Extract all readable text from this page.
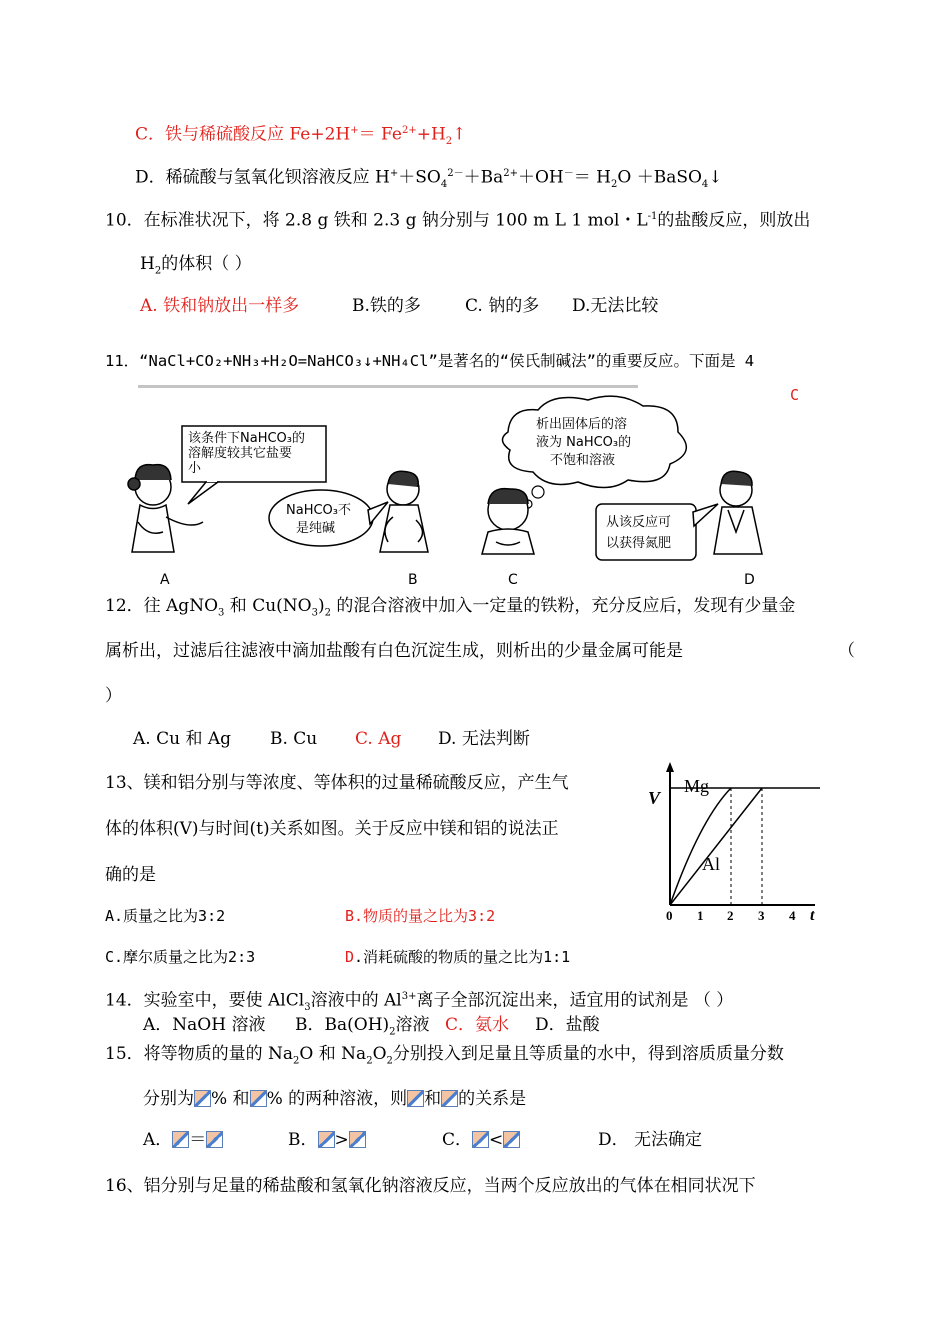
C．铁与稀硫酸反应 $Fe+2H^+= Fe^{2+}+H_2↑$
D．稀硫酸与氢氧化钡溶液反应 $H^++SO_4^{2-}+Ba^{2+}+OH^-= H_2O$ ＋BaSO$_4$↓
10．在标准状况下，将 2.8 g 铁和 2.3 g 钠分别与 100 m L 1 mol・$L^{-1}$的盐酸反应，则放出
$H_2$的体积（ ）
A. 铁和钠放出一样多	B.铁的多	C. 钠的多 D.无法比较
11．“NaCl+CO₂+NH₃+H₂O=NaHCO₃↓+NH₄Cl”是著名的“侯氏制碱法”的重要反应。下面是 4
C
该条件下NaHCO₃的
溶解度较其它盐要
小
NaHCO₃不
是纯碱
析出固体后的溶
液为 NaHCO₃的
不饱和溶液
从该反应可
以获得氮肥
A	B	C	D
12．往 AgNO$_3$ 和 $Cu(NO_3)_2$ 的混合溶液中加入一定量的铁粉，充分反应后，发现有少量金
属析出，过滤后往滤液中滴加盐酸有白色沉淀生成，则析出的少量金属可能是	（
）
A. Cu 和 Ag B. Cu C. Ag D. 无法判断
13、镁和铝分别与等浓度、等体积的过量稀硫酸反应，产生气
体的体积(V)与时间(t)关系如图。关于反应中镁和铝的说法正
确的是
A.质量之比为3:2	B.物质的量之比为3:2
C.摩尔质量之比为2:3	D.消耗硫酸的物质的量之比为1:1
V
t
Mg
Al
0 1 2 3 4
14．实验室中，要使 AlCl$_3$溶液中的 $Al^{3+}$离子全部沉淀出来，适宜用的试剂是 （ ）
A．NaOH 溶液 B．$Ba(OH)_2$溶液 C．氨水 D．盐酸
15．将等物质的量的 $Na_2O$ 和 $Na_2O_2$分别投入到足量且等质量的水中，得到溶质质量分数
分别为 % 和 % 的两种溶液，则 和 的关系是
A． ＝	B． >	C． <	D． 无法确定
16、铝分别与足量的稀盐酸和氢氧化钠溶液反应，当两个反应放出的气体在相同状况下
